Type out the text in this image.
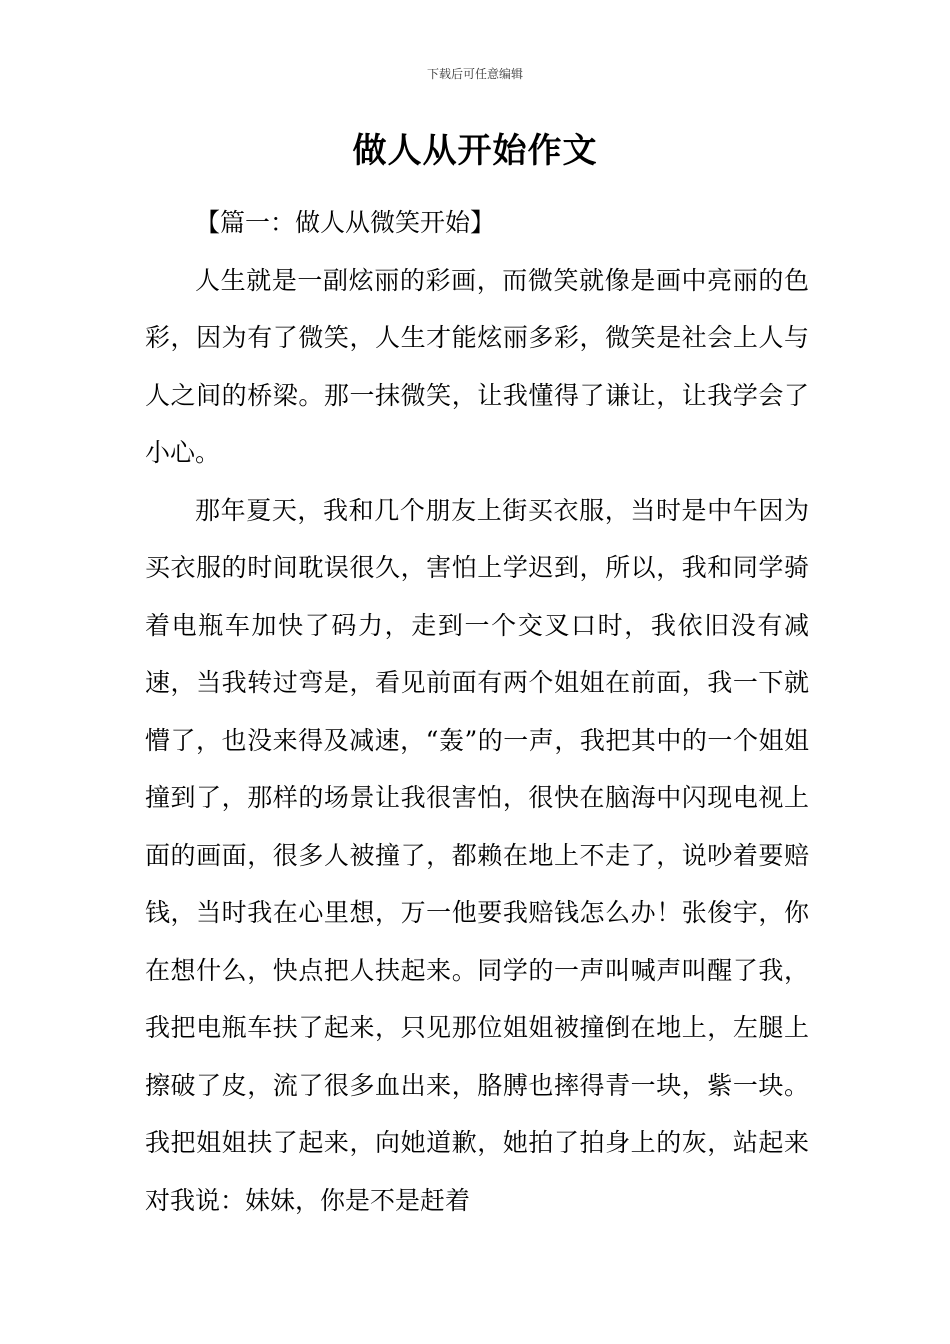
下载后可任意编辑
做人从开始作文

【篇一：做人从微笑开始】

人生就是一副炫丽的彩画，而微笑就像是画中亮丽的色彩，因为有了微笑，人生才能炫丽多彩，微笑是社会上人与人之间的桥梁。那一抹微笑，让我懂得了谦让，让我学会了小心。

那年夏天，我和几个朋友上街买衣服，当时是中午因为买衣服的时间耽误很久，害怕上学迟到，所以，我和同学骑着电瓶车加快了码力，走到一个交叉口时，我依旧没有减速，当我转过弯是，看见前面有两个姐姐在前面，我一下就懵了，也没来得及减速，“轰”的一声，我把其中的一个姐姐撞到了，那样的场景让我很害怕，很快在脑海中闪现电视上面的画面，很多人被撞了，都赖在地上不走了，说吵着要赔钱，当时我在心里想，万一他要我赔钱怎么办！张俊宇，你在想什么，快点把人扶起来。同学的一声叫喊声叫醒了我，我把电瓶车扶了起来，只见那位姐姐被撞倒在地上，左腿上擦破了皮，流了很多血出来，胳膊也摔得青一块，紫一块。我把姐姐扶了起来，向她道歉，她拍了拍身上的灰，站起来对我说：妹妹，你是不是赶着
